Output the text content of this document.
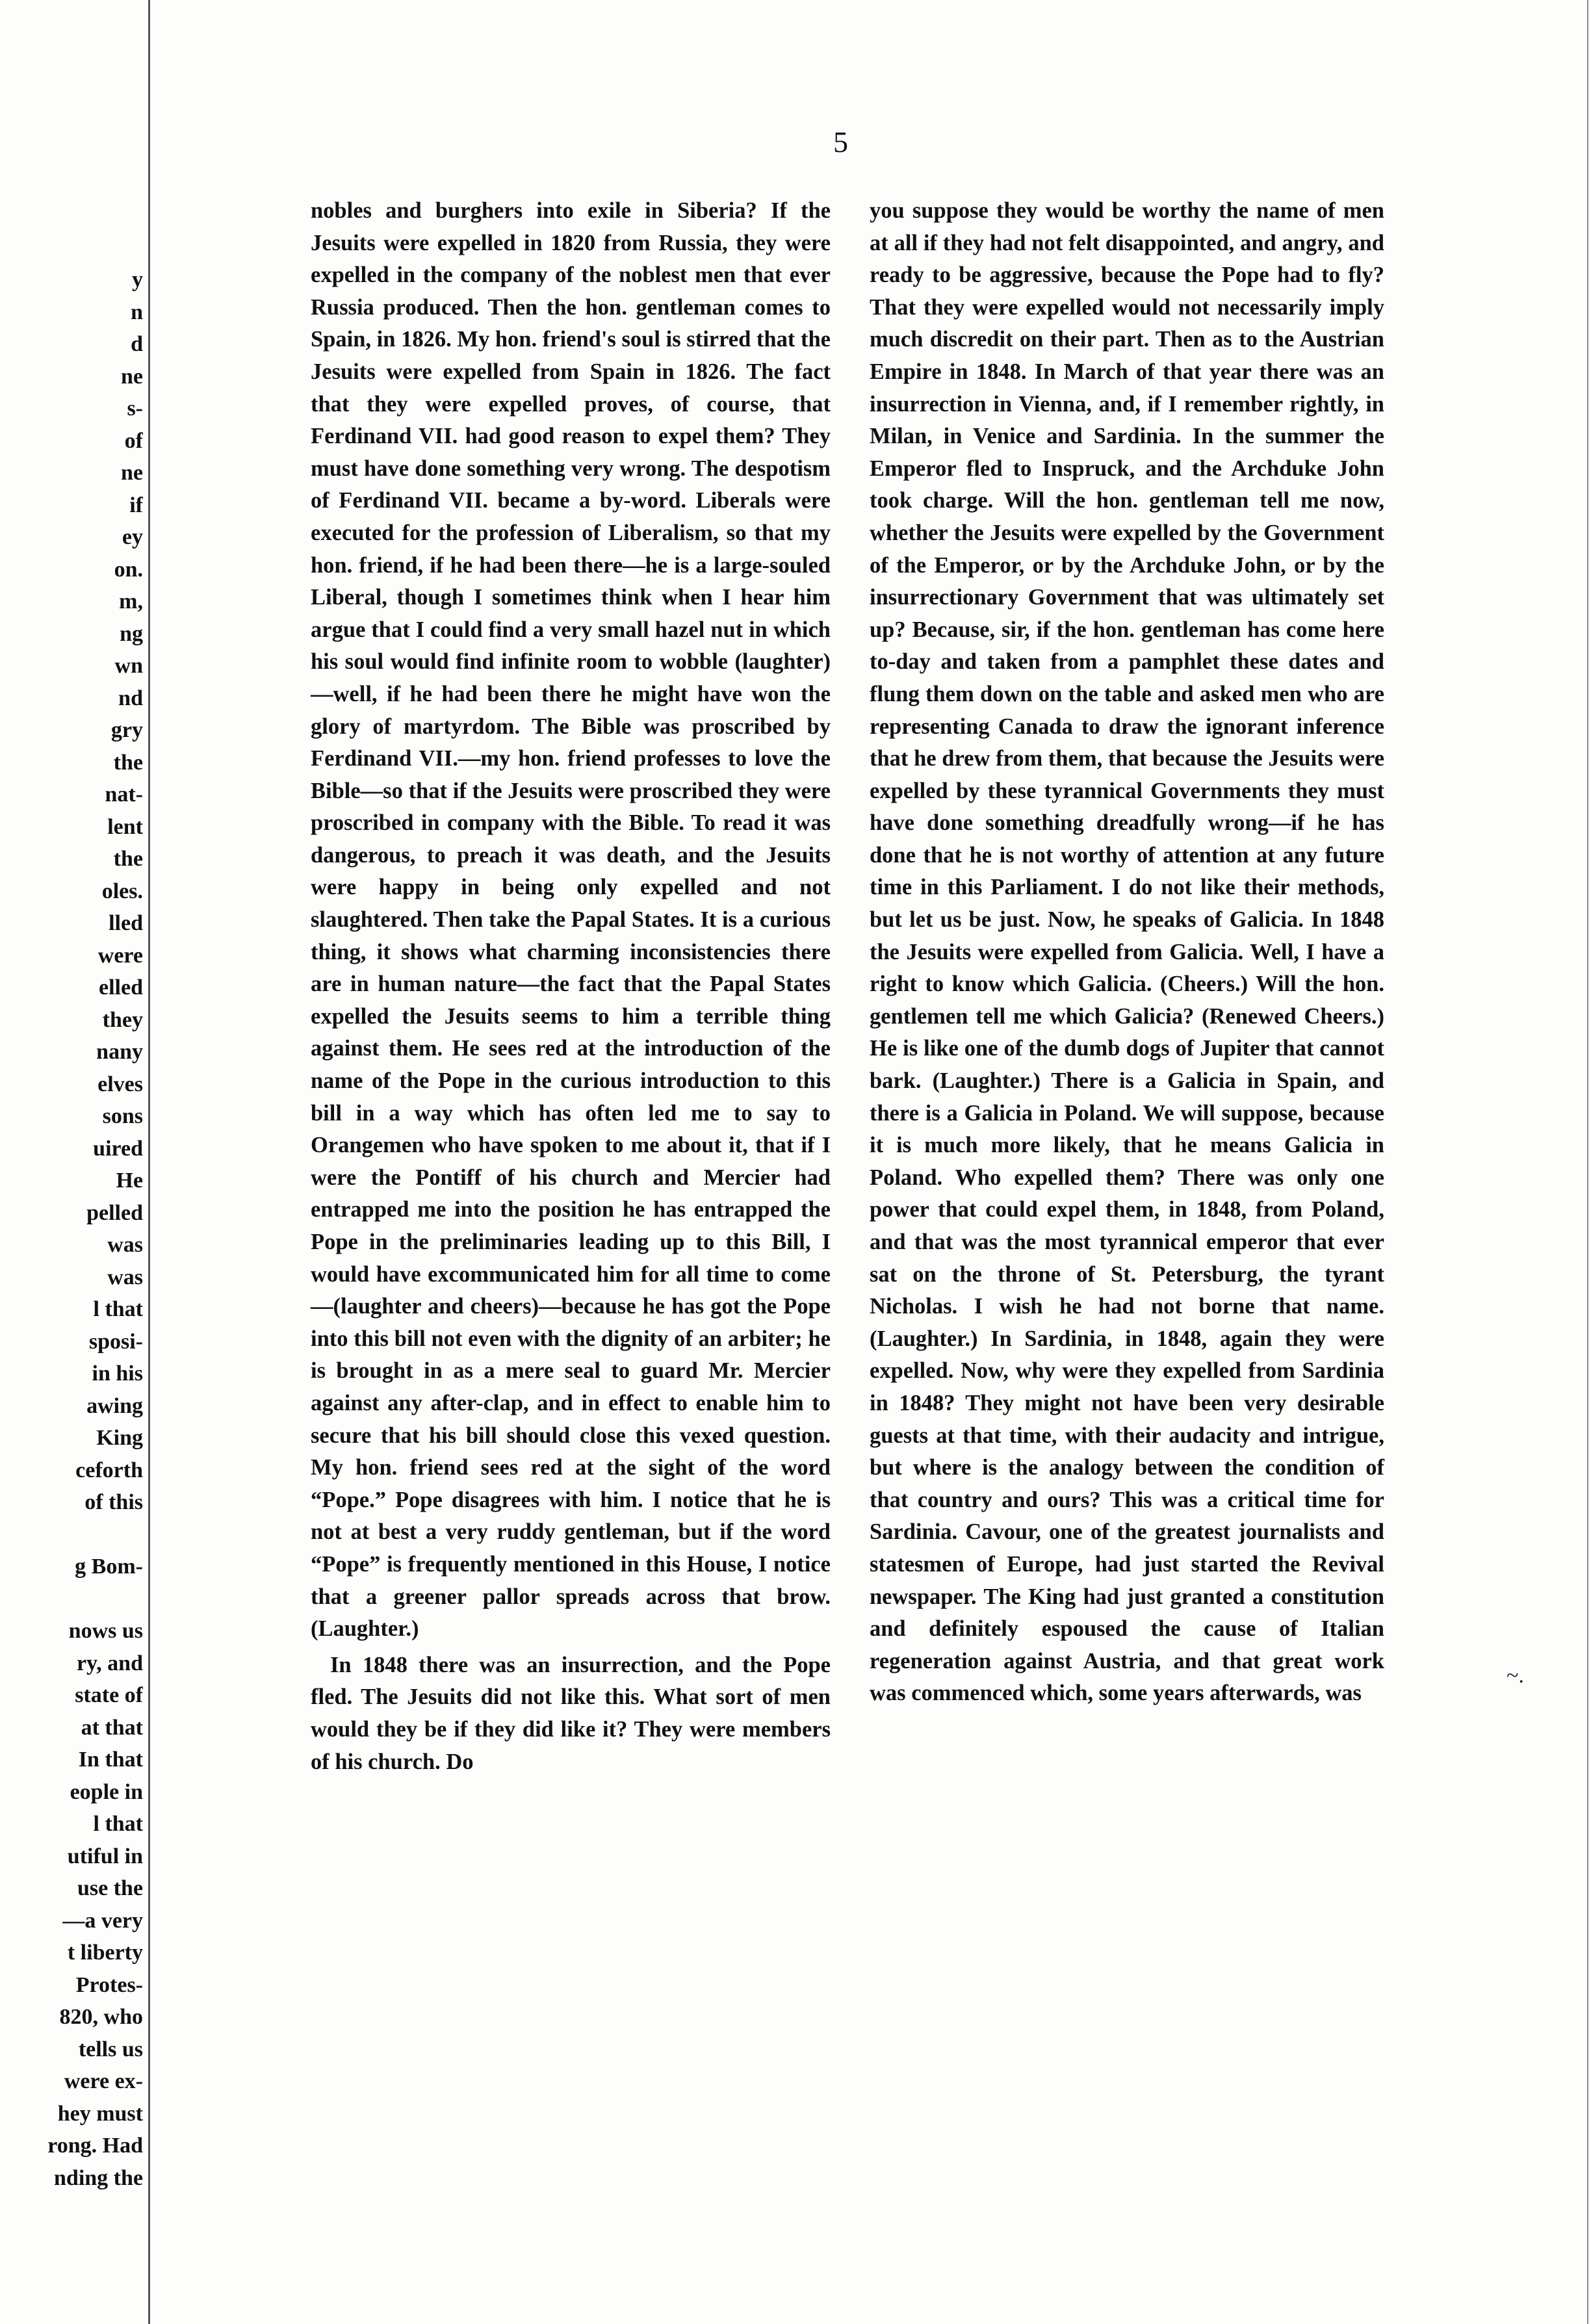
5
y
n
d
ne
s-
of
ne
if
ey
on.
m,
ng
wn
nd
gry
the
nat-
lent
the
oles.
lled
were
elled
they
nany
elves
sons
uired
He
pelled
was
was
l that
sposi-
in his
awing
King
ceforth
of this

g Bom-

nows us
ry, and
state of
at that
In that
eople in
l that
utiful in
use the
—a very
t liberty
Protes-
820, who
tells us
were ex-
hey must
rong. Had
nding the

nobles and burghers into exile in Siberia? If the Jesuits were expelled in 1820 from Russia, they were expelled in the company of the noblest men that ever Russia produced. Then the hon. gentleman comes to Spain, in 1826. My hon. friend's soul is stirred that the Jesuits were expelled from Spain in 1826. The fact that they were expelled proves, of course, that Ferdinand VII. had good reason to expel them? They must have done something very wrong. The despotism of Ferdinand VII. became a by-word. Liberals were executed for the profession of Liberalism, so that my hon. friend, if he had been there—he is a large-souled Liberal, though I sometimes think when I hear him argue that I could find a very small hazel nut in which his soul would find infinite room to wobble (laughter)—well, if he had been there he might have won the glory of martyrdom. The Bible was proscribed by Ferdinand VII.—my hon. friend professes to love the Bible—so that if the Jesuits were proscribed they were proscribed in company with the Bible. To read it was dangerous, to preach it was death, and the Jesuits were happy in being only expelled and not slaughtered. Then take the Papal States. It is a curious thing, it shows what charming inconsistencies there are in human nature—the fact that the Papal States expelled the Jesuits seems to him a terrible thing against them. He sees red at the introduction of the name of the Pope in the curious introduction to this bill in a way which has often led me to say to Orangemen who have spoken to me about it, that if I were the Pontiff of his church and Mercier had entrapped me into the position he has entrapped the Pope in the preliminaries leading up to this Bill, I would have excommunicated him for all time to come—(laughter and cheers)—because he has got the Pope into this bill not even with the dignity of an arbiter; he is brought in as a mere seal to guard Mr. Mercier against any after-clap, and in effect to enable him to secure that his bill should close this vexed question. My hon. friend sees red at the sight of the word “Pope.” Pope disagrees with him. I notice that he is not at best a very ruddy gentleman, but if the word “Pope” is frequently mentioned in this House, I notice that a greener pallor spreads across that brow. (Laughter.)

In 1848 there was an insurrection, and the Pope fled. The Jesuits did not like this. What sort of men would they be if they did like it? They were members of his church. Do

you suppose they would be worthy the name of men at all if they had not felt disappointed, and angry, and ready to be aggressive, because the Pope had to fly? That they were expelled would not necessarily imply much discredit on their part. Then as to the Austrian Empire in 1848. In March of that year there was an insurrection in Vienna, and, if I remember rightly, in Milan, in Venice and Sardinia. In the summer the Emperor fled to Inspruck, and the Archduke John took charge. Will the hon. gentleman tell me now, whether the Jesuits were expelled by the Government of the Emperor, or by the Archduke John, or by the insurrectionary Government that was ultimately set up? Because, sir, if the hon. gentleman has come here to-day and taken from a pamphlet these dates and flung them down on the table and asked men who are representing Canada to draw the ignorant inference that he drew from them, that because the Jesuits were expelled by these tyrannical Governments they must have done something dreadfully wrong—if he has done that he is not worthy of attention at any future time in this Parliament. I do not like their methods, but let us be just. Now, he speaks of Galicia. In 1848 the Jesuits were expelled from Galicia. Well, I have a right to know which Galicia. (Cheers.) Will the hon. gentlemen tell me which Galicia? (Renewed Cheers.) He is like one of the dumb dogs of Jupiter that cannot bark. (Laughter.) There is a Galicia in Spain, and there is a Galicia in Poland. We will suppose, because it is much more likely, that he means Galicia in Poland. Who expelled them? There was only one power that could expel them, in 1848, from Poland, and that was the most tyrannical emperor that ever sat on the throne of St. Petersburg, the tyrant Nicholas. I wish he had not borne that name. (Laughter.) In Sardinia, in 1848, again they were expelled. Now, why were they expelled from Sardinia in 1848? They might not have been very desirable guests at that time, with their audacity and intrigue, but where is the analogy between the condition of that country and ours? This was a critical time for Sardinia. Cavour, one of the greatest journalists and statesmen of Europe, had just started the Revival newspaper. The King had just granted a constitution and definitely espoused the cause of Italian regeneration against Austria, and that great work was commenced which, some years afterwards, was

~.
